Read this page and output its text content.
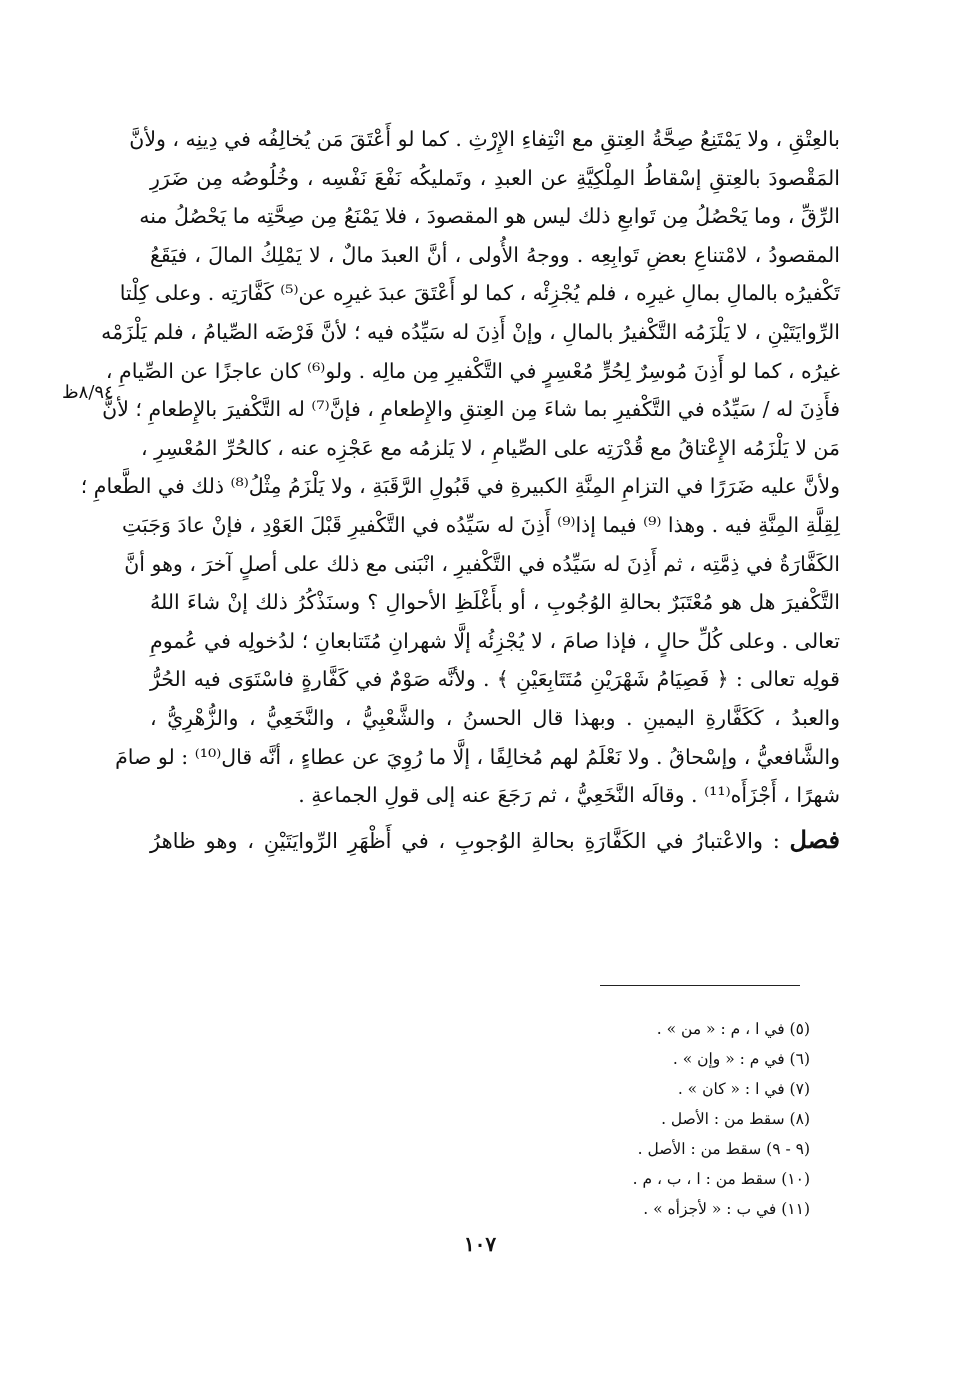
بالعِتْقِ ، ولا يَمْتَنِعُ صِحَّةُ العِتقِ مع انْتِفاءِ الإِرْثِ . كما لو أَعْتَقَ مَن يُخالِفُه في دِينِه ، ولأنَّ
المَقْصودَ بالعِتقِ إسْقاطُ المِلْكِيَّةِ عن العبدِ ، وتَمليكُه نَفْعَ نَفْسِه ، وخُلُوصُه مِن ضَرَرِ
الرِّقِّ ، وما يَحْصُلُ مِن تَوابعِ ذلك ليس هو المقصودَ ، فلا يَمْنَعُ مِن صِحَّتِه ما يَحْصُلُ منه
المقصودُ ، لامْتناعِ بعضِ تَوابِعِه . ووجهُ الأُولى ، أنَّ العبدَ مالٌ ، لا يَمْلِكُ المالَ ، فيَقَعُ
تَكْفيرُه بالمالِ بمالِ غيرِه ، فلم يُجْزِئْه ، كما لو أَعْتَقَ عبدَ غيرِه عن⁽⁵⁾ كَفَّارَتِه . وعلى كِلْتا
الرِّوايَتَيْنِ ، لا يَلْزَمُه التَّكْفيرُ بالمالِ ، وإنْ أَذِنَ له سَيِّدُه فيه ؛ لأنَّ فَرْضَه الصِّيامُ ، فلم يَلْزَمْه
غيرُه ، كما لو أَذِنَ مُوسِرٌ لِحُرٍّ مُعْسِرٍ في التَّكْفيرِ مِن مالِه . ولو⁽⁶⁾ كان عاجزًا عن الصِّيامِ ،
فأَذِنَ له / سَيِّدُه في التَّكْفيرِ بما شاءَ مِن العِتقِ والإِطعامِ ، فإنَّ⁽⁷⁾ له التَّكْفيرَ بالإِطعامِ ؛ لأنَّ
مَن لا يَلْزَمُه الإِعْتاقُ مع قُدْرَتِه على الصِّيامِ ، لا يَلزمُه مع عَجْزِه عنه ، كالحُرِّ المُعْسِرِ ،
ولأنَّ عليه ضَرَرًا في التزامِ المِنَّةِ الكبيرةِ في قَبُولِ الرَّقَبَةِ ، ولا يَلْزَمُ مِثْلُ⁽⁸⁾ ذلك في الطَّعامِ ؛
لِقِلَّةِ المِنَّةِ فيه . وهذا ⁽⁹⁾ فيما إذا⁽⁹⁾ أَذِنَ له سَيِّدُه في التَّكْفيرِ قَبْلَ العَوْدِ ، فإنْ عادَ وَجَبَتِ
الكَفَّارَةُ في ذِمَّتِه ، ثم أَذِنَ له سَيِّدُه في التَّكْفيرِ ، انْبَنى مع ذلك على أصلٍ آخرَ ، وهو أنَّ
التَّكْفيرَ هل هو مُعْتَبَرٌ بحالةِ الوُجُوبِ ، أو بأَغْلَظِ الأحوالِ ؟ وسنَذْكُرُ ذلك إنْ شاءَ اللهُ
تعالى . وعلى كُلِّ حالٍ ، فإذا صامَ ، لا يُجْزِئُه إلَّا شهرانِ مُتَتابعانِ ؛ لدُخولِه في عُمومِ
قولِه تعالى : ﴿ فَصِيَامُ شَهْرَيْنِ مُتَتَابِعَيْنِ ﴾ . ولأنَّه صَوْمٌ في كَفَّارةٍ فاسْتَوَى فيه الحُرُّ
والعبدُ ، كَكَفَّارةِ اليمينِ . وبهذا قال الحسنُ ، والشَّعْبِيُّ ، والنَّخَعِيُّ ، والزُّهْرِيُّ ،
والشَّافعيُّ ، وإسْحاقُ . ولا نَعْلَمُ لهم مُخالِفًا ، إلَّا ما رُوِيَ عن عطاءٍ ، أنَّه قال⁽¹⁰⁾ : لو صامَ
شهرًا ، أَجْزَأَه⁽¹¹⁾ . وقالَه النَّخَعِيُّ ، ثم رَجَعَ عنه إلى قولِ الجماعةِ .
فصل : والاعْتبارُ في الكَفَّارَةِ بحالةِ الوُجوبِ ، في أَظْهَرِ الرِّوايَتَيْنِ ، وهو ظاهرُ
٨/٩٤ظ
(٥) في ا ، م : « من » .
(٦) في م : « وإن » .
(٧) في ا : « كان » .
(٨) سقط من : الأصل .
(٩ - ٩) سقط من : الأصل .
(١٠) سقط من : ا ، ب ، م .
(١١) في ب : « لأجزأه » .
١٠٧
